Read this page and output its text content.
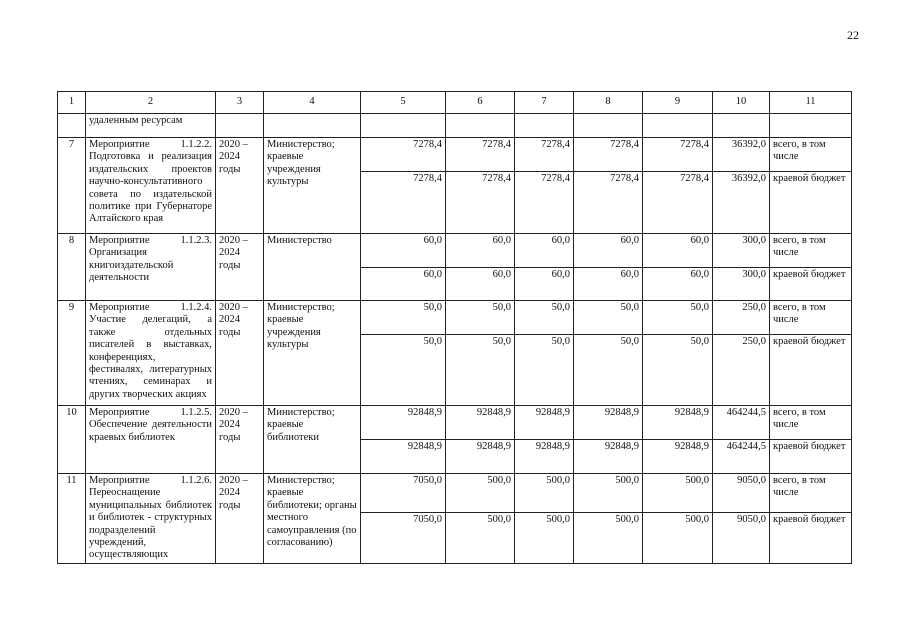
22
1	2	3	4	5	6	7	8	9	10	11
	удаленным ресурсам									
7	Мероприятие 1.1.2.2. Подготовка и реализация издательских проектов научно-консультативного совета по издательской политике при Губернаторе Алтайского края	2020 – 2024 годы	Министерство; краевые учреждения культуры	7278,4	7278,4	7278,4	7278,4	7278,4	36392,0	всего, в том числе
				7278,4	7278,4	7278,4	7278,4	7278,4	36392,0	краевой бюджет
8	Мероприятие 1.1.2.3. Организация книгоиздательской деятельности	2020 – 2024 годы	Министерство	60,0	60,0	60,0	60,0	60,0	300,0	всего, в том числе
				60,0	60,0	60,0	60,0	60,0	300,0	краевой бюджет
9	Мероприятие 1.1.2.4. Участие делегаций, а также отдельных писателей в выставках, конференциях, фестивалях, литературных чтениях, семинарах и других творческих акциях	2020 – 2024 годы	Министерство; краевые учреждения культуры	50,0	50,0	50,0	50,0	50,0	250,0	всего, в том числе
				50,0	50,0	50,0	50,0	50,0	250,0	краевой бюджет
10	Мероприятие 1.1.2.5. Обеспечение деятельности краевых библиотек	2020 – 2024 годы	Министерство; краевые библиотеки	92848,9	92848,9	92848,9	92848,9	92848,9	464244,5	всего, в том числе
				92848,9	92848,9	92848,9	92848,9	92848,9	464244,5	краевой бюджет
11	Мероприятие 1.1.2.6. Переоснащение муниципальных библиотек и библиотек - структурных подразделений учреждений, осуществляющих	2020 – 2024 годы	Министерство; краевые библиотеки; органы местного самоуправления (по согласованию)	7050,0	500,0	500,0	500,0	500,0	9050,0	всего, в том числе
				7050,0	500,0	500,0	500,0	500,0	9050,0	краевой бюджет
